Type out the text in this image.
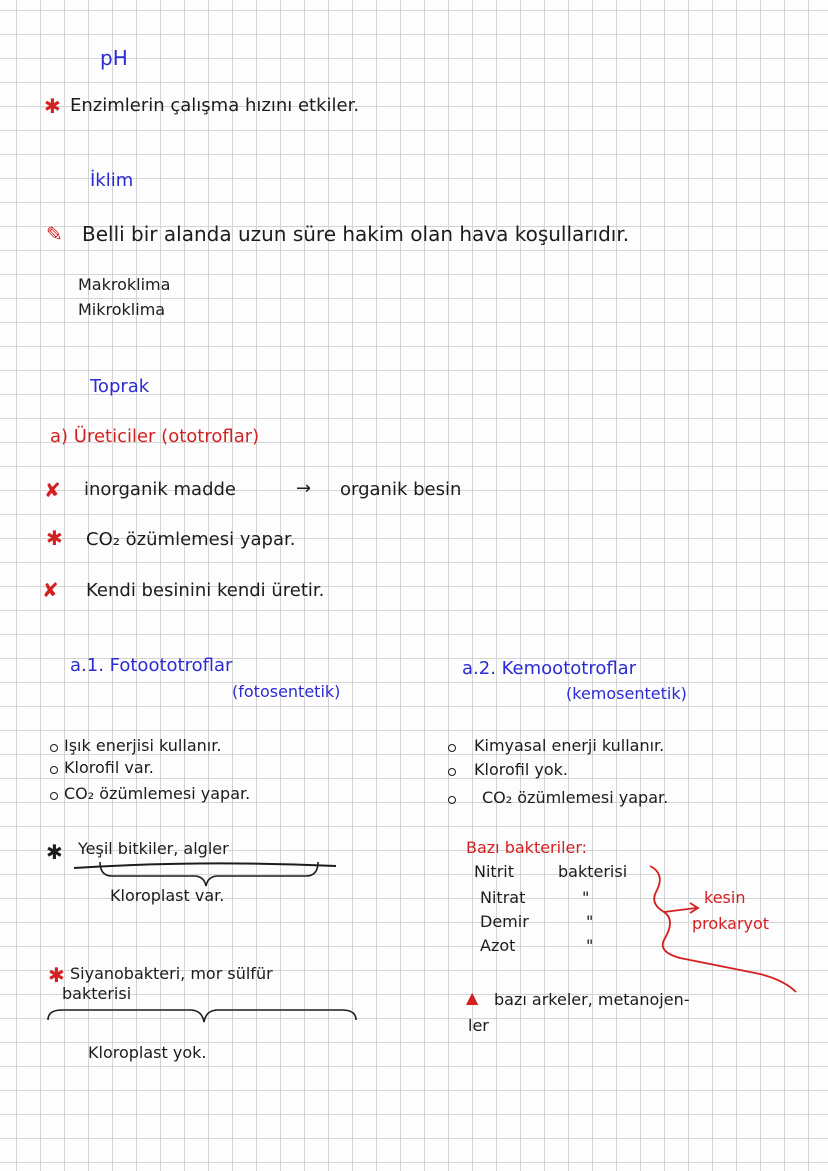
pH
✱ Enzimlerin çalışma hızını etkiler.
İklim
✎ Belli bir alanda uzun süre hakim olan hava koşullarıdır.
Makroklima
Mikroklima
Toprak
a) Üreticiler (ototroflar)
✘ inorganik madde	→ organik besin
✱ CO₂ özümlemesi yapar.
✘ Kendi besinini kendi üretir.
a.1. Fotoototroflar
(fotosentetik)
Işık enerjisi kullanır.
Klorofil var.
CO₂ özümlemesi yapar.
✱ Yeşil bitkiler, algler
Kloroplast var.
✱ Siyanobakteri, mor sülfür
bakterisi
Kloroplast yok.
a.2. Kemoototroflar
(kemosentetik)
Kimyasal enerji kullanır.
Klorofil yok.
CO₂ özümlemesi yapar.
Bazı bakteriler:
Nitrit	bakterisi
Nitrat	"
Demir	"
Azot	"
kesin
prokaryot
▲ bazı arkeler, metanojen-
ler
